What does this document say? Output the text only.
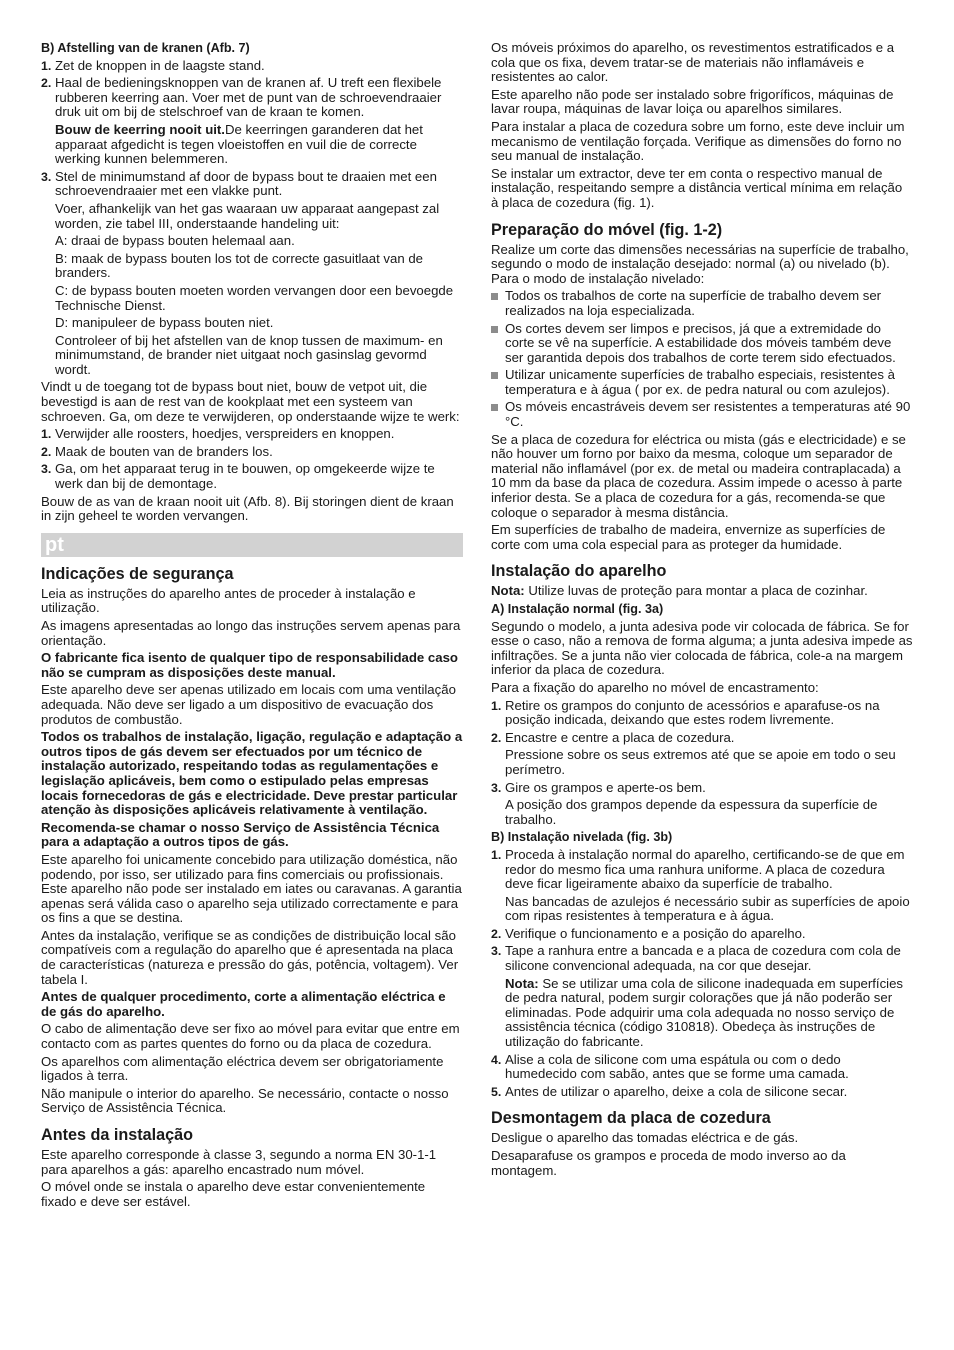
B) Afstelling van de kranen (Afb. 7)

1. Zet de knoppen in de laagste stand.
2. Haal de bedieningsknoppen van de kranen af. U treft een flexibele rubberen keerring aan. Voer met de punt van de schroevendraaier druk uit om bij de stelschroef van de kraan te komen.

Bouw de keerring nooit uit.De keerringen garanderen dat het apparaat afgedicht is tegen vloeistoffen en vuil die de correcte werking kunnen belemmeren.

3. Stel de minimumstand af door de bypass bout te draaien met een schroevendraaier met een vlakke punt.

Voer, afhankelijk van het gas waaraan uw apparaat aangepast zal worden, zie tabel III, onderstaande handeling uit:

A: draai de bypass bouten helemaal aan.

B: maak de bypass bouten los tot de correcte gasuitlaat van de branders.

C: de bypass bouten moeten worden vervangen door een bevoegde Technische Dienst.

D: manipuleer de bypass bouten niet.

Controleer of bij het afstellen van de knop tussen de maximum- en minimumstand, de brander niet uitgaat noch gasinslag gevormd wordt.

Vindt u de toegang tot de bypass bout niet, bouw de vetpot uit, die bevestigd is aan de rest van de kookplaat met een systeem van schroeven. Ga, om deze te verwijderen, op onderstaande wijze te werk:

1. Verwijder alle roosters, hoedjes, verspreiders en knoppen.
2. Maak de bouten van de branders los.
3. Ga, om het apparaat terug in te bouwen, op omgekeerde wijze te werk dan bij de demontage.

Bouw de as van de kraan nooit uit (Afb. 8). Bij storingen dient de kraan in zijn geheel te worden vervangen.

pt

Indicações de segurança

Leia as instruções do aparelho antes de proceder à instalação e utilização.

As imagens apresentadas ao longo das instruções servem apenas para orientação.

O fabricante fica isento de qualquer tipo de responsabilidade caso não se cumpram as disposições deste manual.

Este aparelho deve ser apenas utilizado em locais com uma ventilação adequada. Não deve ser ligado a um dispositivo de evacuação dos produtos de combustão.

Todos os trabalhos de instalação, ligação, regulação e adaptação a outros tipos de gás devem ser efectuados por um técnico de instalação autorizado, respeitando todas as regulamentações e legislação aplicáveis, bem como o estipulado pelas empresas locais fornecedoras de gás e electricidade. Deve prestar particular atenção às disposições aplicáveis relativamente à ventilação.

Recomenda-se chamar o nosso Serviço de Assistência Técnica para a adaptação a outros tipos de gás.

Este aparelho foi unicamente concebido para utilização doméstica, não podendo, por isso, ser utilizado para fins comerciais ou profissionais. Este aparelho não pode ser instalado em iates ou caravanas. A garantia apenas será válida caso o aparelho seja utilizado correctamente e para os fins a que se destina.

Antes da instalação, verifique se as condições de distribuição local são compatíveis com a regulação do aparelho que é apresentada na placa de características (natureza e pressão do gás, potência, voltagem). Ver tabela I.

Antes de qualquer procedimento, corte a alimentação eléctrica e de gás do aparelho.

O cabo de alimentação deve ser fixo ao móvel para evitar que entre em contacto com as partes quentes do forno ou da placa de cozedura.

Os aparelhos com alimentação eléctrica devem ser obrigatoriamente ligados à terra.

Não manipule o interior do aparelho. Se necessário, contacte o nosso Serviço de Assistência Técnica.

Antes da instalação

Este aparelho corresponde à classe 3, segundo a norma EN 30-1-1 para aparelhos a gás: aparelho encastrado num móvel.

O móvel onde se instala o aparelho deve estar convenientemente fixado e deve ser estável.

Os móveis próximos do aparelho, os revestimentos estratificados e a cola que os fixa, devem tratar-se de materiais não inflamáveis e resistentes ao calor.

Este aparelho não pode ser instalado sobre frigoríficos, máquinas de lavar roupa, máquinas de lavar loiça ou aparelhos similares.

Para instalar a placa de cozedura sobre um forno, este deve incluir um mecanismo de ventilação forçada. Verifique as dimensões do forno no seu manual de instalação.

Se instalar um extractor, deve ter em conta o respectivo manual de instalação, respeitando sempre a distância vertical mínima em relação à placa de cozedura (fig. 1).

Preparação do móvel (fig. 1-2)

Realize um corte das dimensões necessárias na superfície de trabalho, segundo o modo de instalação desejado: normal (a) ou nivelado (b). Para o modo de instalação nivelado:

Todos os trabalhos de corte na superfície de trabalho devem ser realizados na loja especializada.
Os cortes devem ser limpos e precisos, já que a extremidade do corte se vê na superfície. A estabilidade dos móveis também deve ser garantida depois dos trabalhos de corte terem sido efectuados.
Utilizar unicamente superfícies de trabalho especiais, resistentes à temperatura e à água ( por ex. de pedra natural ou com azulejos).
Os móveis encastráveis devem ser resistentes a temperaturas até 90 °C.

Se a placa de cozedura for eléctrica ou mista (gás e electricidade) e se não houver um forno por baixo da mesma, coloque um separador de material não inflamável (por ex. de metal ou madeira contraplacada) a 10 mm da base da placa de cozedura. Assim impede o acesso à parte inferior desta. Se a placa de cozedura for a gás, recomenda-se que coloque o separador à mesma distância.

Em superfícies de trabalho de madeira, envernize as superfícies de corte com uma cola especial para as proteger da humidade.

Instalação do aparelho

Nota: Utilize luvas de proteção para montar a placa de cozinhar.

A) Instalação normal (fig. 3a)

Segundo o modelo, a junta adesiva pode vir colocada de fábrica. Se for esse o caso, não a remova de forma alguma; a junta adesiva impede as infiltrações. Se a junta não vier colocada de fábrica, cole-a na margem inferior da placa de cozedura.

Para a fixação do aparelho no móvel de encastramento:

1. Retire os grampos do conjunto de acessórios e aparafuse-os na posição indicada, deixando que estes rodem livremente.
2. Encastre e centre a placa de cozedura.

Pressione sobre os seus extremos até que se apoie em todo o seu perímetro.

3. Gire os grampos e aperte-os bem.

A posição dos grampos depende da espessura da superfície de trabalho.

B) Instalação nivelada (fig. 3b)

1. Proceda à instalação normal do aparelho, certificando-se de que em redor do mesmo fica uma ranhura uniforme. A placa de cozedura deve ficar ligeiramente abaixo da superfície de trabalho.

Nas bancadas de azulejos é necessário subir as superfícies de apoio com ripas resistentes à temperatura e à água.

2. Verifique o funcionamento e a posição do aparelho.
3. Tape a ranhura entre a bancada e a placa de cozedura com cola de silicone convencional adequada, na cor que desejar.

Nota: Se se utilizar uma cola de silicone inadequada em superfícies de pedra natural, podem surgir colorações que já não poderão ser eliminadas. Pode adquirir uma cola adequada no nosso serviço de assistência técnica (código 310818). Obedeça às instruções de utilização do fabricante.

4. Alise a cola de silicone com uma espátula ou com o dedo humedecido com sabão, antes que se forme uma camada.
5. Antes de utilizar o aparelho, deixe a cola de silicone secar.

Desmontagem da placa de cozedura

Desligue o aparelho das tomadas eléctrica e de gás.

Desaparafuse os grampos e proceda de modo inverso ao da montagem.
